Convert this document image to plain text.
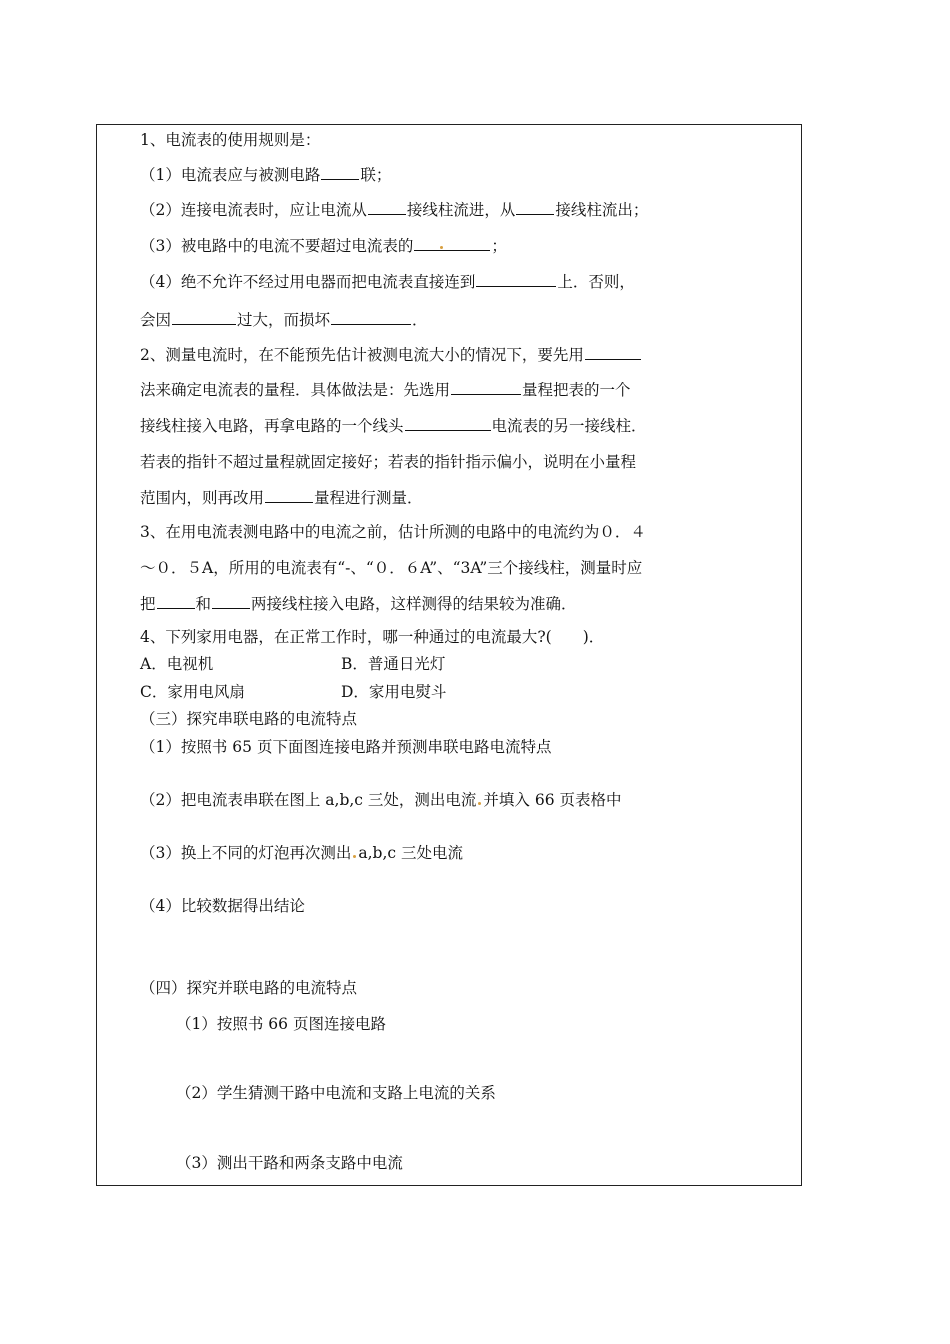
1、电流表的使用规则是：
（1）电流表应与被测电路	联；
（2）连接电流表时，应让电流从	接线柱流进，从	接线柱流出；
（3）被电路中的电流不要超过电流表的	；
（4）绝不允许不经过用电器而把电流表直接连到	上．否则，
会因	过大，而损坏	．
2、测量电流时，在不能预先估计被测电流大小的情况下，要先用
法来确定电流表的量程．具体做法是：先选用	量程把表的一个
接线柱接入电路，再拿电路的一个线头	电流表的另一接线柱．
若表的指针不超过量程就固定接好；若表的指针指示偏小，说明在小量程
范围内，则再改用	量程进行测量．
3、在用电流表测电路中的电流之前，估计所测的电路中的电流约为０．４
～０．５A，所用的电流表有“-、“０．６A”、“3A”三个接线柱，测量时应
把	和	两接线柱接入电路，这样测得的结果较为准确．
4、下列家用电器，在正常工作时，哪一种通过的电流最大?(　　)．
A．电视机	B．普通日光灯
C．家用电风扇	D．家用电熨斗
（三）探究串联电路的电流特点
（1）按照书 65 页下面图连接电路并预测串联电路电流特点
（2）把电流表串联在图上 a,b,c 三处，测出电流 并填入 66 页表格中
（3）换上不同的灯泡再次测出 a,b,c 三处电流
（4）比较数据得出结论
（四）探究并联电路的电流特点
（1）按照书 66 页图连接电路
（2）学生猜测干路中电流和支路上电流的关系
（3）测出干路和两条支路中电流
